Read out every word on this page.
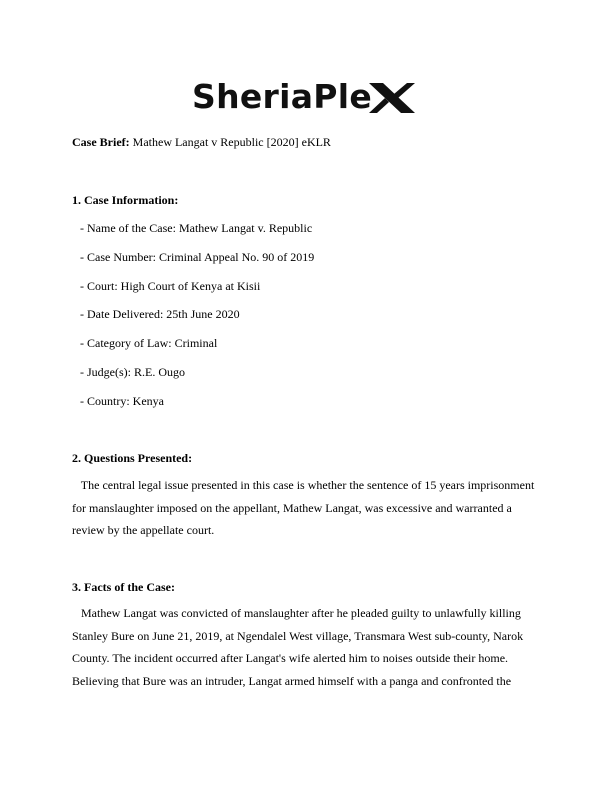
SheriaPle
Case Brief: Mathew Langat v Republic [2020] eKLR
1. Case Information:
- Name of the Case: Mathew Langat v. Republic
- Case Number: Criminal Appeal No. 90 of 2019
- Court: High Court of Kenya at Kisii
- Date Delivered: 25th June 2020
- Category of Law: Criminal
- Judge(s): R.E. Ougo
- Country: Kenya
2. Questions Presented:
The central legal issue presented in this case is whether the sentence of 15 years imprisonment
for manslaughter imposed on the appellant, Mathew Langat, was excessive and warranted a
review by the appellate court.
3. Facts of the Case:
Mathew Langat was convicted of manslaughter after he pleaded guilty to unlawfully killing
Stanley Bure on June 21, 2019, at Ngendalel West village, Transmara West sub-county, Narok
County. The incident occurred after Langat's wife alerted him to noises outside their home.
Believing that Bure was an intruder, Langat armed himself with a panga and confronted the
